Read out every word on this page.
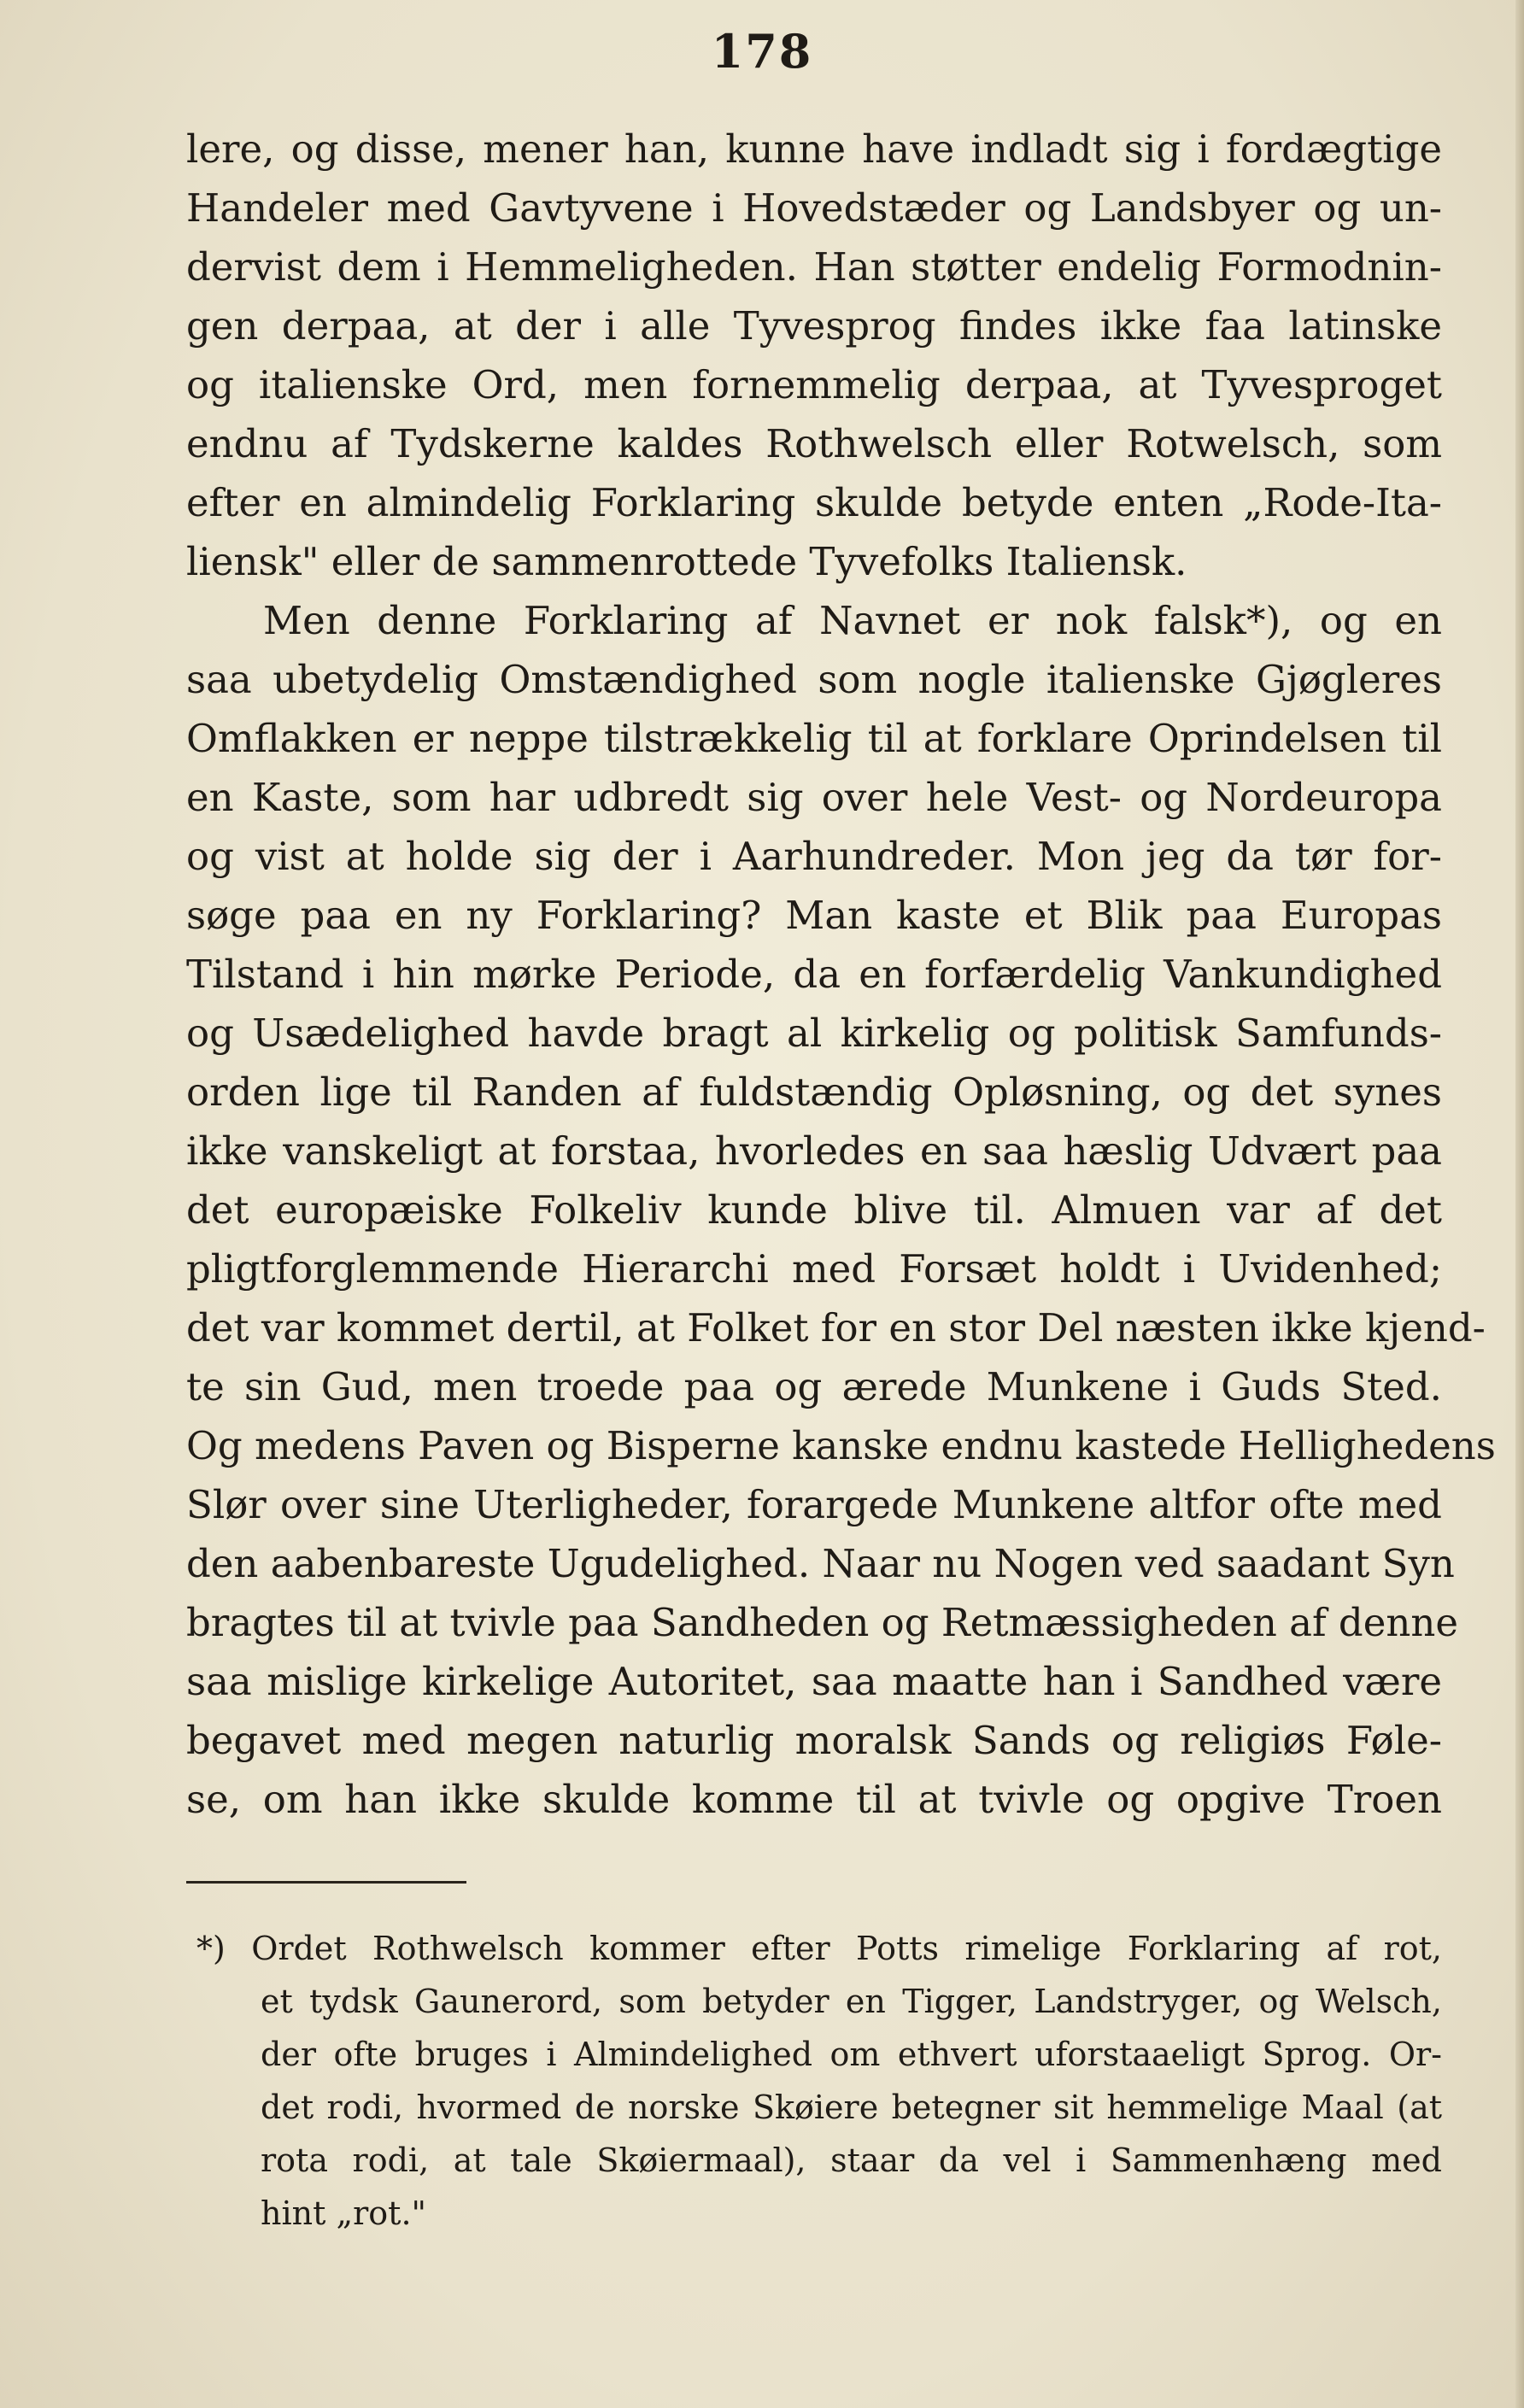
178
lere, og disse, mener han, kunne have indladt sig i fordægtige
Handeler med Gavtyvene i Hovedstæder og Landsbyer og un-
dervist dem i Hemmeligheden. Han støtter endelig Formodnin-
gen derpaa, at der i alle Tyvesprog findes ikke faa latinske
og italienske Ord, men fornemmelig derpaa, at Tyvesproget
endnu af Tydskerne kaldes Rothwelsch eller Rotwelsch, som
efter en almindelig Forklaring skulde betyde enten „Rode-Ita-
liensk" eller de sammenrottede Tyvefolks Italiensk.
Men denne Forklaring af Navnet er nok falsk*), og en
saa ubetydelig Omstændighed som nogle italienske Gjøgleres
Omflakken er neppe tilstrækkelig til at forklare Oprindelsen til
en Kaste, som har udbredt sig over hele Vest- og Nordeuropa
og vist at holde sig der i Aarhundreder. Mon jeg da tør for-
søge paa en ny Forklaring? Man kaste et Blik paa Europas
Tilstand i hin mørke Periode, da en forfærdelig Vankundighed
og Usædelighed havde bragt al kirkelig og politisk Samfunds-
orden lige til Randen af fuldstændig Opløsning, og det synes
ikke vanskeligt at forstaa, hvorledes en saa hæslig Udvært paa
det europæiske Folkeliv kunde blive til. Almuen var af det
pligtforglemmende Hierarchi med Forsæt holdt i Uvidenhed;
det var kommet dertil, at Folket for en stor Del næsten ikke kjend-
te sin Gud, men troede paa og ærede Munkene i Guds Sted.
Og medens Paven og Bisperne kanske endnu kastede Hellighedens
Slør over sine Uterligheder, forargede Munkene altfor ofte med
den aabenbareste Ugudelighed. Naar nu Nogen ved saadant Syn
bragtes til at tvivle paa Sandheden og Retmæssigheden af denne
saa mislige kirkelige Autoritet, saa maatte han i Sandhed være
begavet med megen naturlig moralsk Sands og religiøs Føle-
se, om han ikke skulde komme til at tvivle og opgive Troen
*) Ordet Rothwelsch kommer efter Potts rimelige Forklaring af rot,
et tydsk Gaunerord, som betyder en Tigger, Landstryger, og Welsch,
der ofte bruges i Almindelighed om ethvert uforstaaeligt Sprog. Or-
det rodi, hvormed de norske Skøiere betegner sit hemmelige Maal (at
rota rodi, at tale Skøiermaal), staar da vel i Sammenhæng med
hint „rot."
